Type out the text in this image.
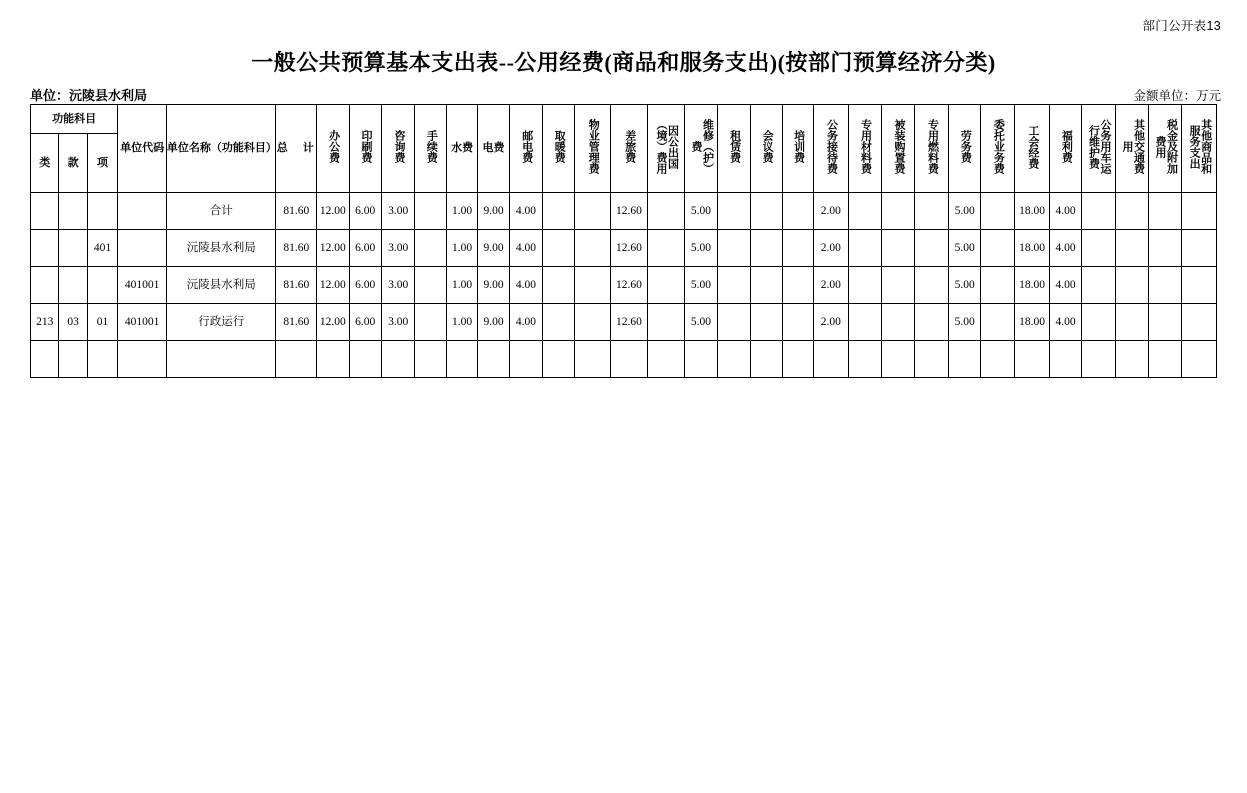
部门公开表13
一般公共预算基本支出表--公用经费(商品和服务支出)(按部门预算经济分类)
单位：沅陵县水利局	金额单位：万元
功能科目			单位代码	单位名称（功能科目）	总　计	办公费	印刷费	咨询费	手续费	水费	电费	邮电费	取暖费	物业管理费	差旅费	因公出国（境）费用	维修（护）费	租赁费	会议费	培训费	公务接待费	专用材料费	被装购置费	专用燃料费	劳务费	委托业务费	工会经费	福利费	公务用车运行维护费	其他交通费用	税金及附加费用	其他商品和服务支出
类	款	项																														
				合计	81.60	12.00	6.00	3.00		1.00	9.00	4.00			12.60		5.00				2.00				5.00		18.00	4.00				
		401		沅陵县水利局	81.60	12.00	6.00	3.00		1.00	9.00	4.00			12.60		5.00				2.00				5.00		18.00	4.00				
			401001	沅陵县水利局	81.60	12.00	6.00	3.00		1.00	9.00	4.00			12.60		5.00				2.00				5.00		18.00	4.00				
213	03	01	401001	行政运行	81.60	12.00	6.00	3.00		1.00	9.00	4.00			12.60		5.00				2.00				5.00		18.00	4.00				
